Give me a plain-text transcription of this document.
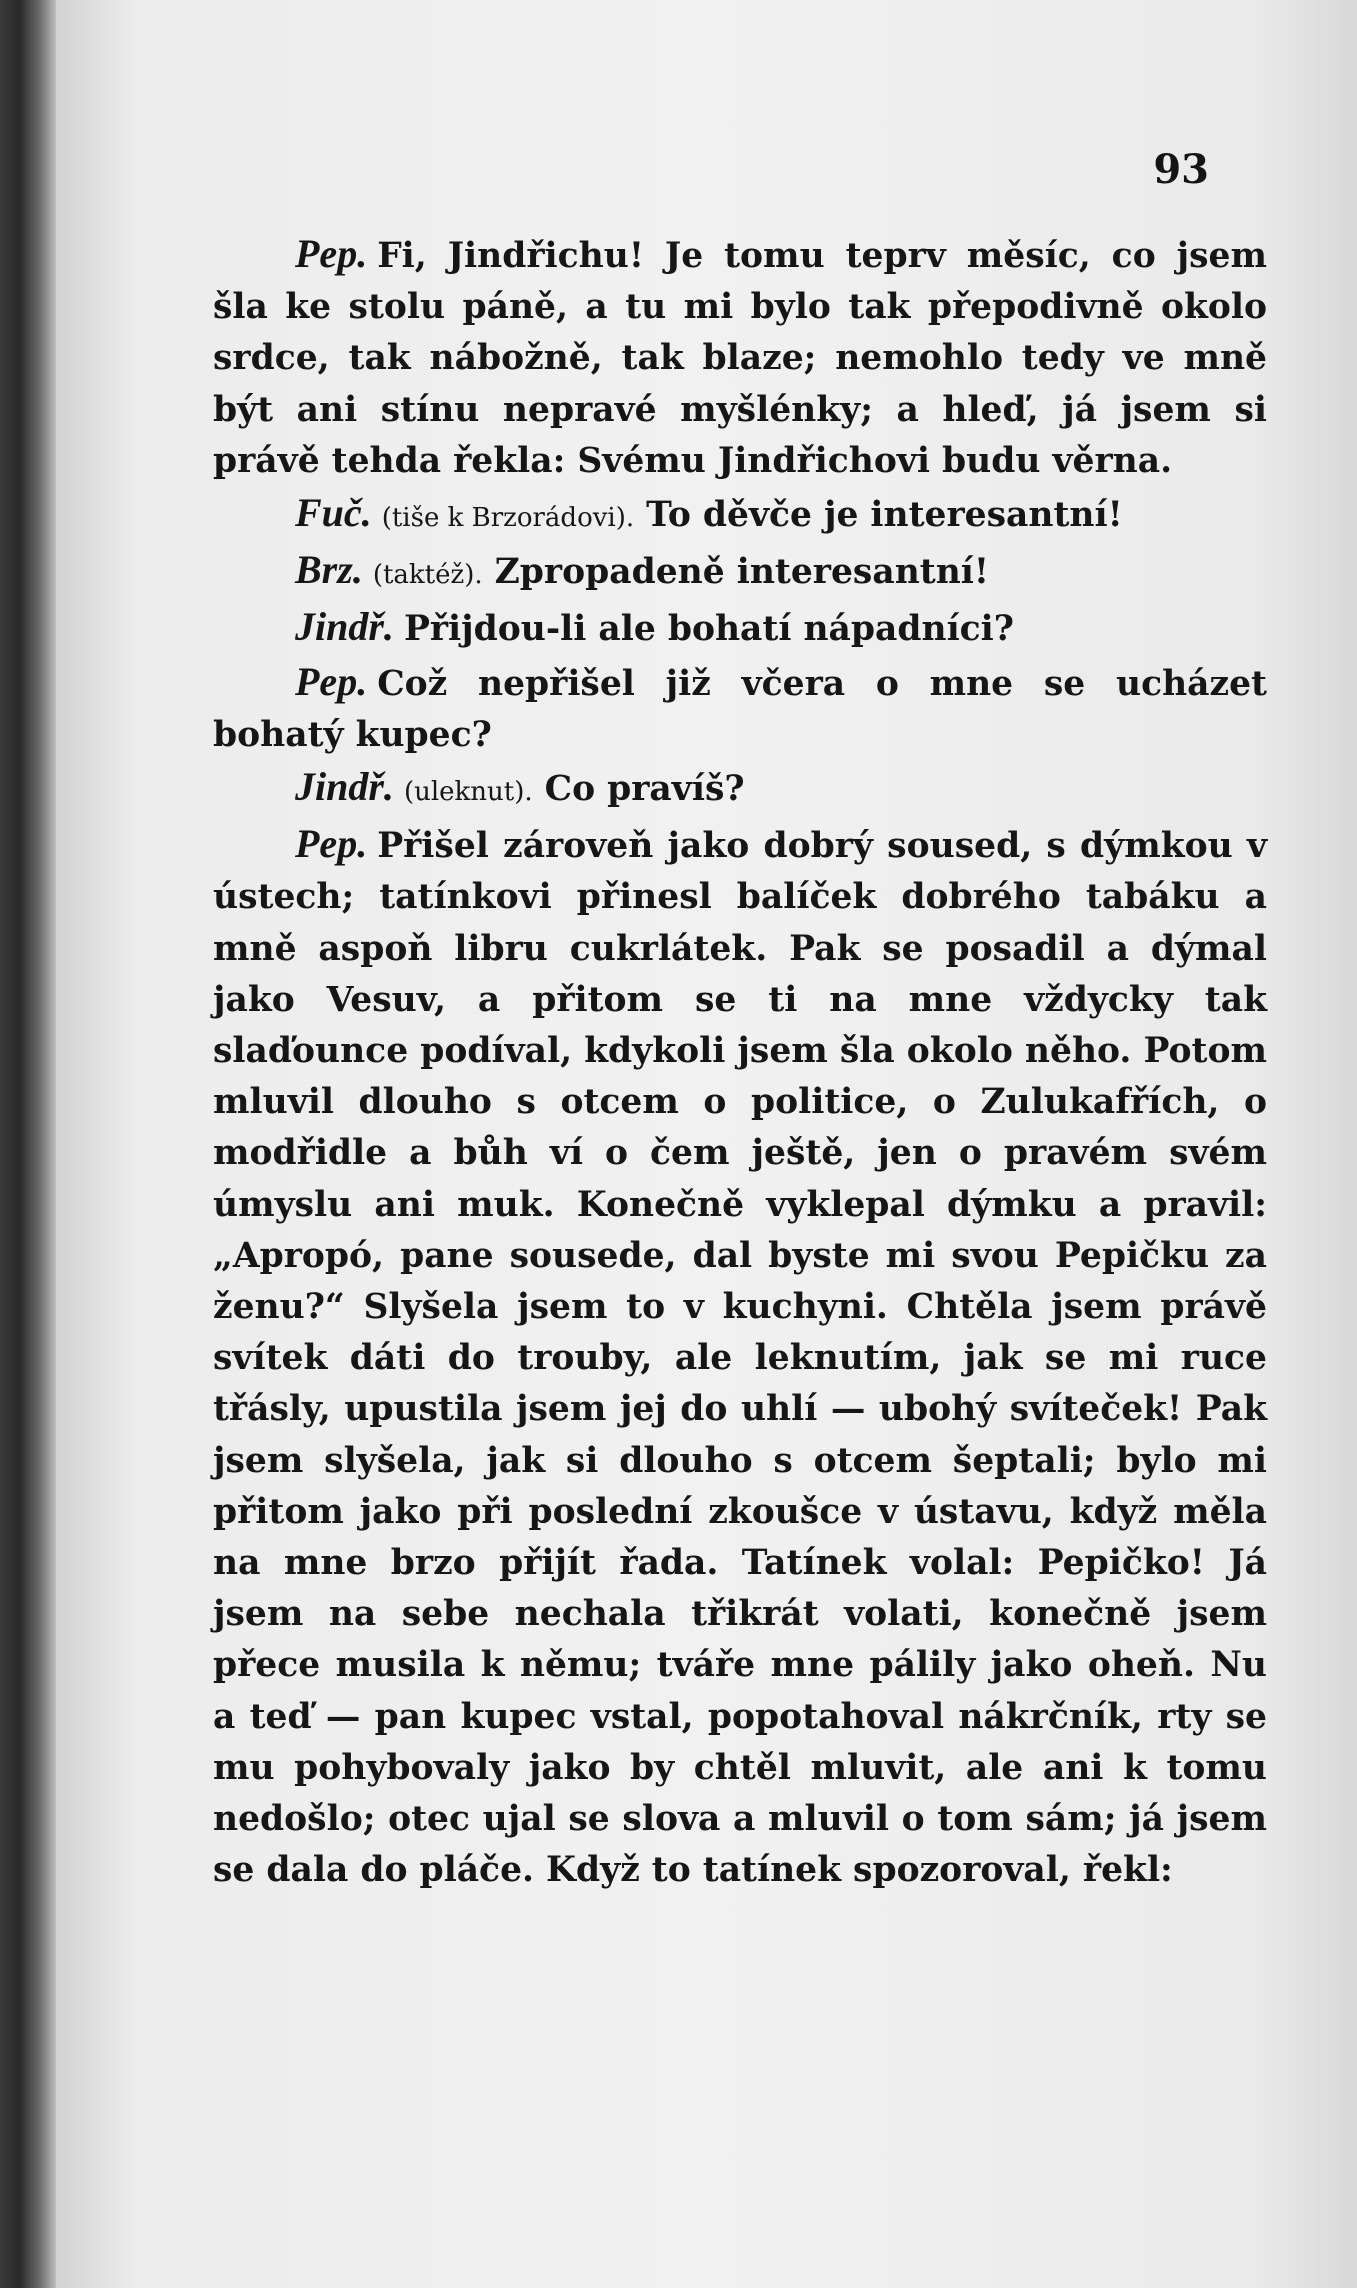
93

Pep. Fi, Jindřichu! Je tomu teprv měsíc, co jsem šla ke stolu páně, a tu mi bylo tak přepodivně okolo srdce, tak nábožně, tak blaze; nemohlo tedy ve mně být ani stínu nepravé myšlénky; a hleď, já jsem si právě tehda řekla: Svému Jindřichovi budu věrna.

Fuč. (tiše k Brzorádovi). To děvče je interesantní!

Brz. (taktéž). Zpropadeně interesantní!

Jindř. Přijdou-li ale bohatí nápadníci?

Pep. Což nepřišel již včera o mne se ucházet bohatý kupec?

Jindř. (uleknut). Co pravíš?

Pep. Přišel zároveň jako dobrý soused, s dýmkou v ústech; tatínkovi přinesl balíček dobrého tabáku a mně aspoň libru cukrlátek. Pak se posadil a dýmal jako Vesuv, a přitom se ti na mne vždycky tak slaďounce podíval, kdykoli jsem šla okolo něho. Potom mluvil dlouho s otcem o politice, o Zulukafřích, o modřidle a bůh ví o čem ještě, jen o pravém svém úmyslu ani muk. Konečně vyklepal dýmku a pravil: „Apropó, pane sousede, dal byste mi svou Pepičku za ženu?“ Slyšela jsem to v kuchyni. Chtěla jsem právě svítek dáti do trouby, ale leknutím, jak se mi ruce třásly, upustila jsem jej do uhlí — ubohý svíteček! Pak jsem slyšela, jak si dlouho s otcem šeptali; bylo mi přitom jako při poslední zkoušce v ústavu, když měla na mne brzo přijít řada. Tatínek volal: Pepičko! Já jsem na sebe nechala třikrát volati, konečně jsem přece musila k němu; tváře mne pálily jako oheň. Nu a teď — pan kupec vstal, popotahoval nákrčník, rty se mu pohybovaly jako by chtěl mluvit, ale ani k tomu nedošlo; otec ujal se slova a mluvil o tom sám; já jsem se dala do pláče. Když to tatínek spozoroval, řekl:
